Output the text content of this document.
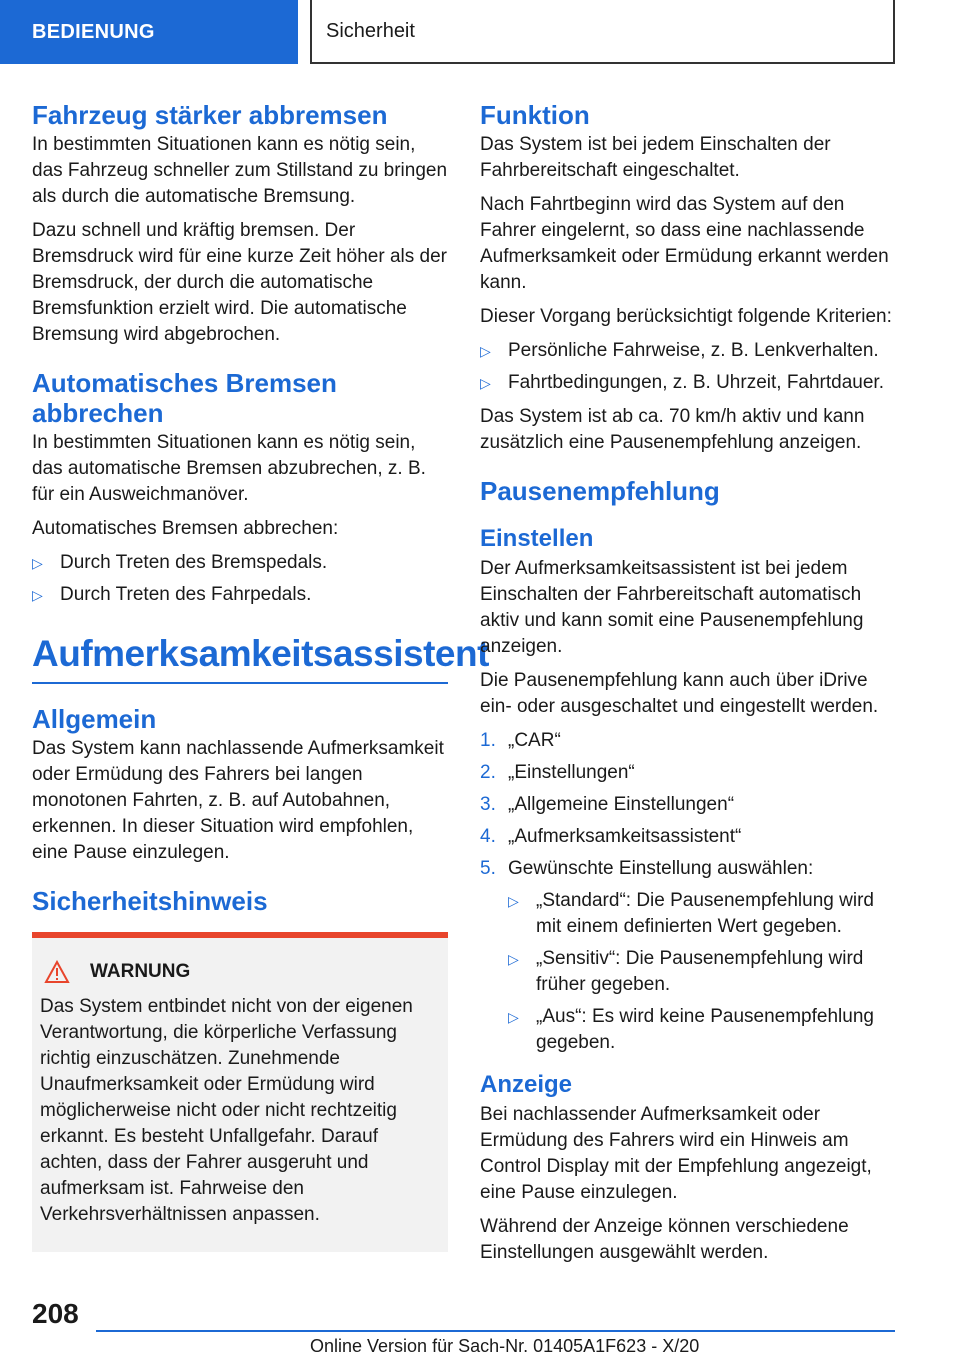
BEDIENUNG	Sicherheit
Fahrzeug stärker abbremsen

In bestimmten Situationen kann es nötig sein, das Fahrzeug schneller zum Stillstand zu bringen als durch die automatische Bremsung.

Dazu schnell und kräftig bremsen. Der Bremsdruck wird für eine kurze Zeit höher als der Bremsdruck, der durch die automatische Bremsfunktion erzielt wird. Die automatische Bremsung wird abgebrochen.

Automatisches Bremsen abbrechen

In bestimmten Situationen kann es nötig sein, das automatische Bremsen abzubrechen, z. B. für ein Ausweichmanöver.

Automatisches Bremsen abbrechen:

▷ Durch Treten des Bremspedals.
▷ Durch Treten des Fahrpedals.
Aufmerksamkeitsassistent
Allgemein

Das System kann nachlassende Aufmerksamkeit oder Ermüdung des Fahrers bei langen monotonen Fahrten, z. B. auf Autobahnen, erkennen. In dieser Situation wird empfohlen, eine Pause einzulegen.

Sicherheitshinweis
WARNUNG

Das System entbindet nicht von der eigenen Verantwortung, die körperliche Verfassung richtig einzuschätzen. Zunehmende Unaufmerksamkeit oder Ermüdung wird möglicherweise nicht oder nicht rechtzeitig erkannt. Es besteht Unfallgefahr. Darauf achten, dass der Fahrer ausgeruht und aufmerksam ist. Fahrweise den Verkehrsverhältnissen anpassen.

Funktion

Das System ist bei jedem Einschalten der Fahrbereitschaft eingeschaltet.

Nach Fahrtbeginn wird das System auf den Fahrer eingelernt, so dass eine nachlassende Aufmerksamkeit oder Ermüdung erkannt werden kann.

Dieser Vorgang berücksichtigt folgende Kriterien:

▷ Persönliche Fahrweise, z. B. Lenkverhalten.
▷ Fahrtbedingungen, z. B. Uhrzeit, Fahrtdauer.

Das System ist ab ca. 70 km/h aktiv und kann zusätzlich eine Pausenempfehlung anzeigen.

Pausenempfehlung
Einstellen

Der Aufmerksamkeitsassistent ist bei jedem Einschalten der Fahrbereitschaft automatisch aktiv und kann somit eine Pausenempfehlung anzeigen.

Die Pausenempfehlung kann auch über iDrive ein- oder ausgeschaltet und eingestellt werden.

1. „CAR“
2. „Einstellungen“
3. „Allgemeine Einstellungen“
4. „Aufmerksamkeitsassistent“
5. Gewünschte Einstellung auswählen:
▷ „Standard“: Die Pausenempfehlung wird mit einem definierten Wert gegeben.
▷ „Sensitiv“: Die Pausenempfehlung wird früher gegeben.
▷ „Aus“: Es wird keine Pausenempfehlung gegeben.
Anzeige

Bei nachlassender Aufmerksamkeit oder Ermüdung des Fahrers wird ein Hinweis am Control Display mit der Empfehlung angezeigt, eine Pause einzulegen.

Während der Anzeige können verschiedene Einstellungen ausgewählt werden.

208
Online Version für Sach-Nr. 01405A1F623 - X/20
